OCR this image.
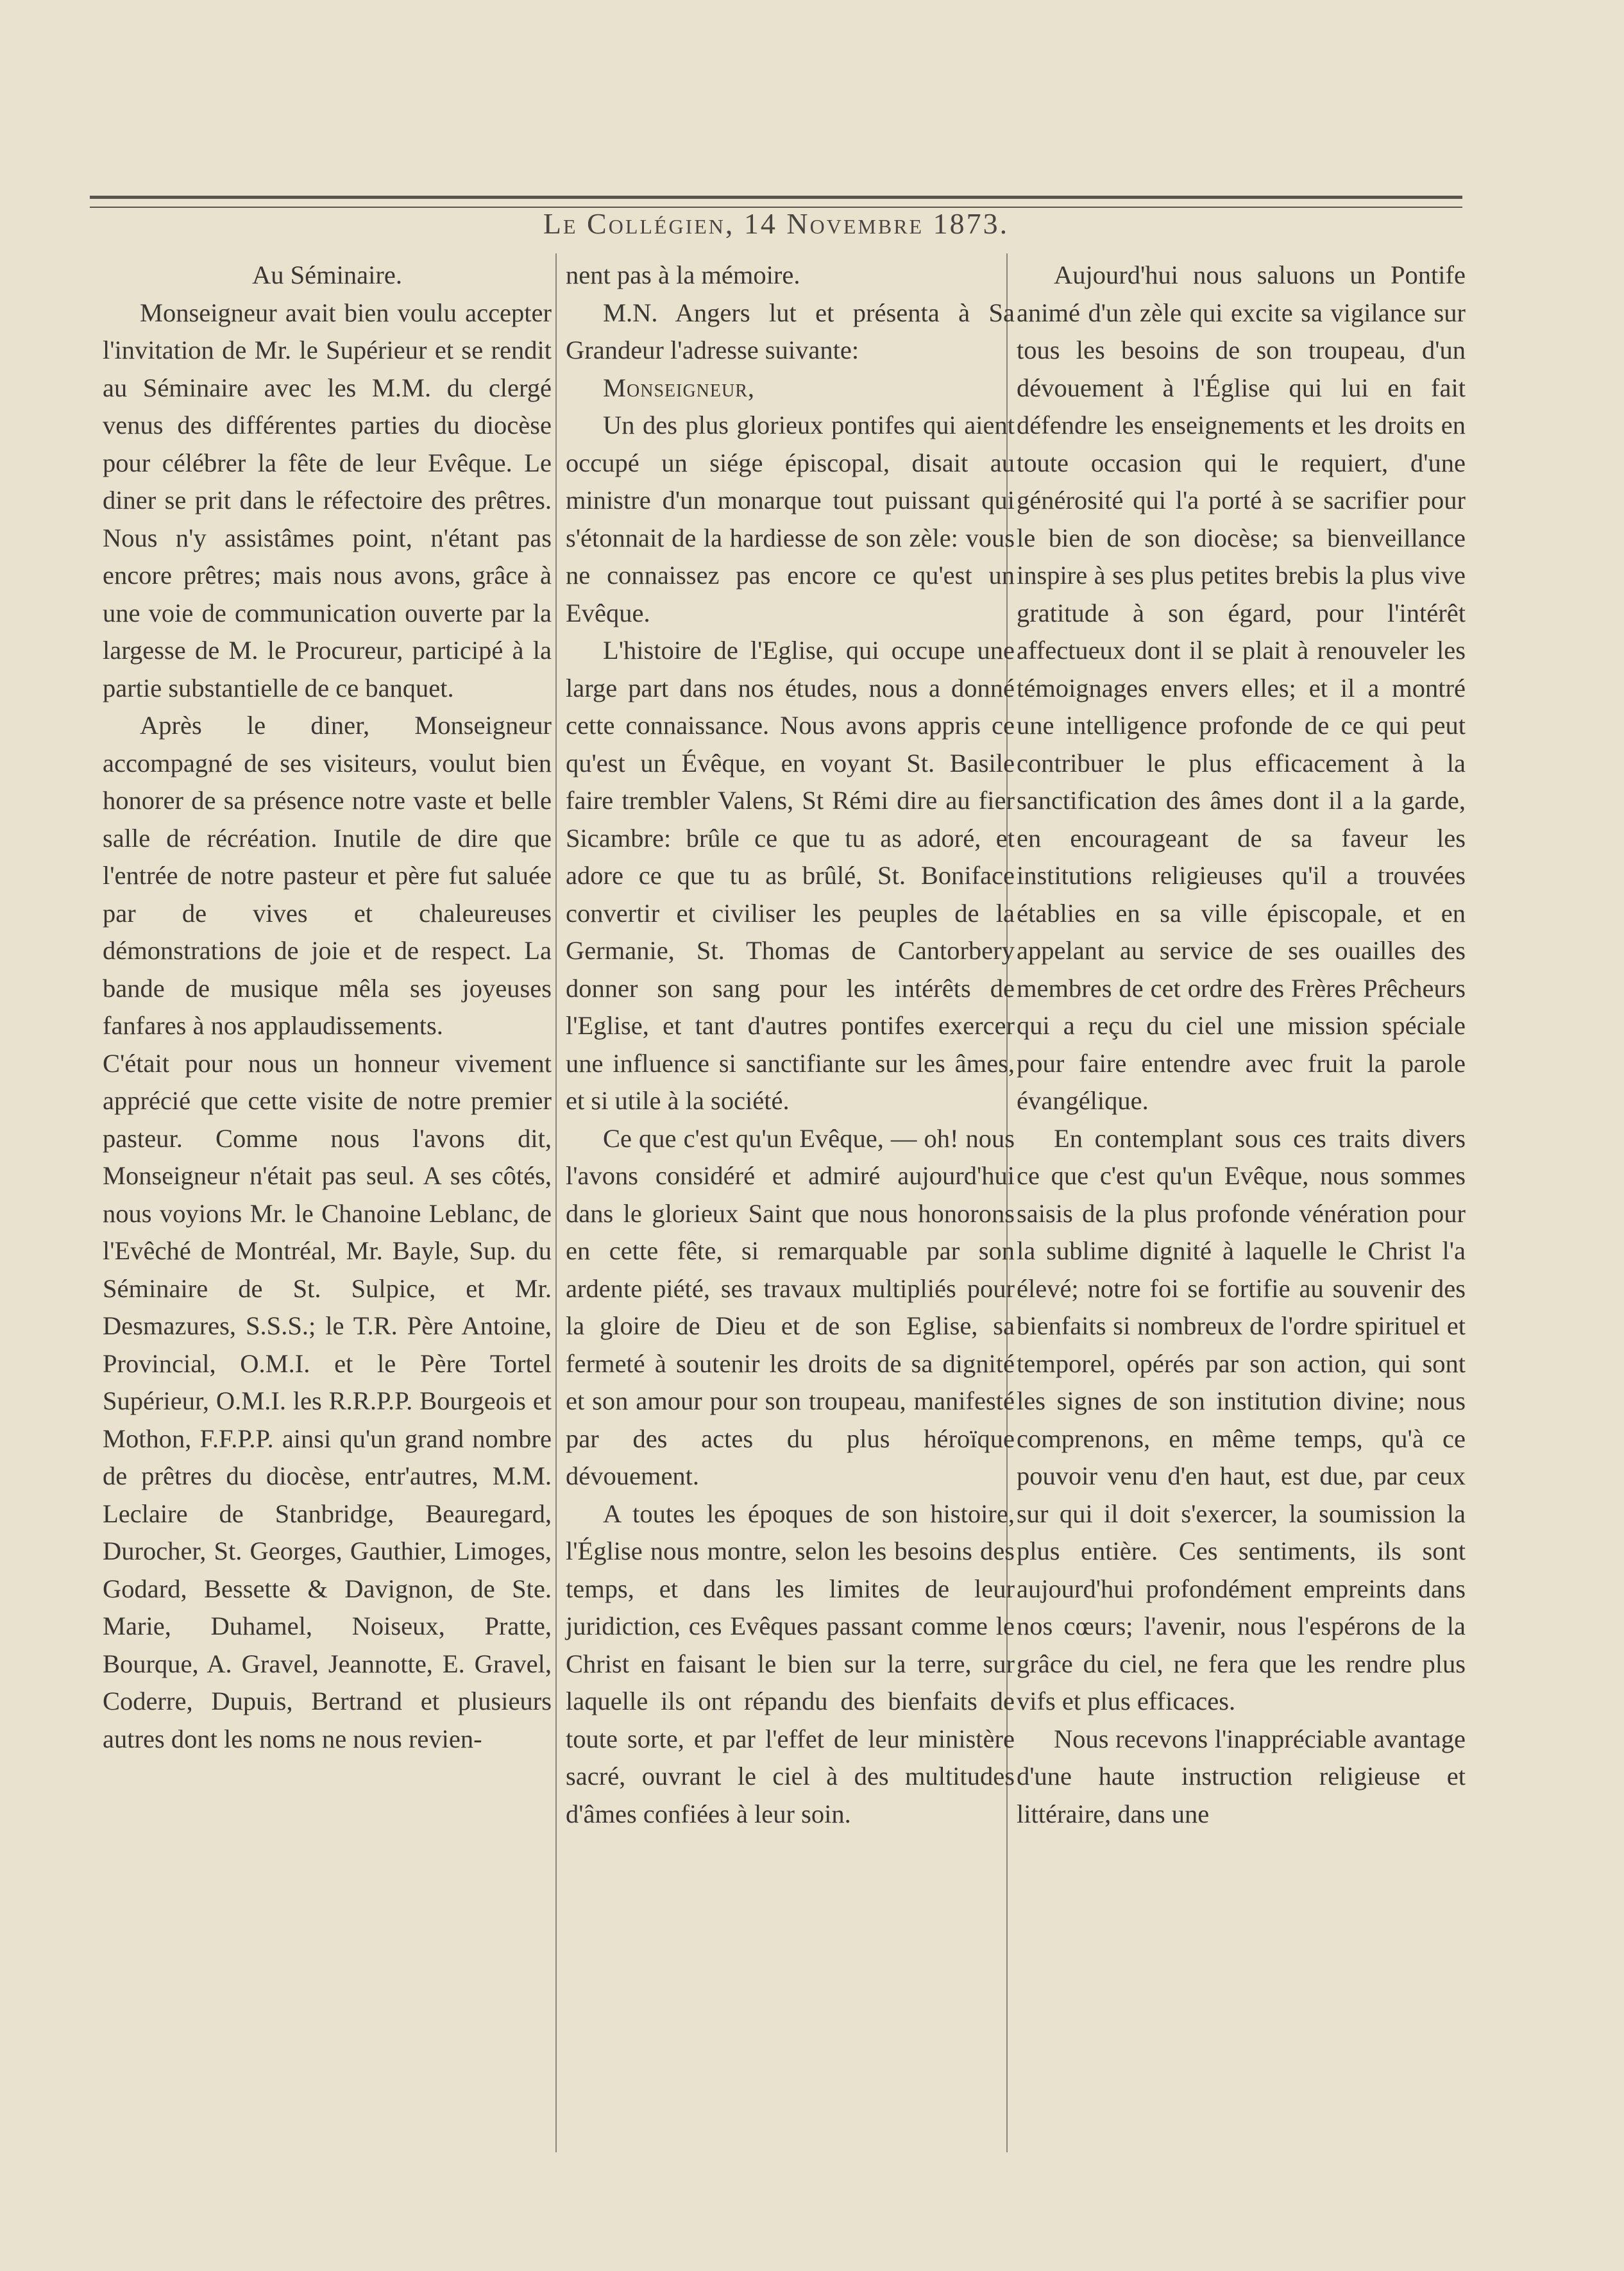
Le Collégien, 14 Novembre 1873.

Au Séminaire.

Monseigneur avait bien voulu accepter l'invitation de Mr. le Supérieur et se rendit au Séminaire avec les M.M. du clergé venus des différentes parties du diocèse pour célébrer la fête de leur Evêque. Le diner se prit dans le réfectoire des prêtres. Nous n'y assistâmes point, n'étant pas encore prêtres; mais nous avons, grâce à une voie de communication ouverte par la largesse de M. le Procureur, participé à la partie substantielle de ce banquet.

Après le diner, Monseigneur accompagné de ses visiteurs, voulut bien honorer de sa présence notre vaste et belle salle de récréation. Inutile de dire que l'entrée de notre pasteur et père fut saluée par de vives et chaleureuses démonstrations de joie et de respect. La bande de musique mêla ses joyeuses fanfares à nos applaudissements.

C'était pour nous un honneur vivement apprécié que cette visite de notre premier pasteur. Comme nous l'avons dit, Monseigneur n'était pas seul. A ses côtés, nous voyions Mr. le Chanoine Leblanc, de l'Evêché de Montréal, Mr. Bayle, Sup. du Séminaire de St. Sulpice, et Mr. Desmazures, S.S.S.; le T.R. Père Antoine, Provincial, O.M.I. et le Père Tortel Supérieur, O.M.I. les R.R.P.P. Bourgeois et Mothon, F.F.P.P. ainsi qu'un grand nombre de prêtres du diocèse, entr'autres, M.M. Leclaire de Stanbridge, Beauregard, Durocher, St. Georges, Gauthier, Limoges, Godard, Bessette & Davignon, de Ste. Marie, Duhamel, Noiseux, Pratte, Bourque, A. Gravel, Jeannotte, E. Gravel, Coderre, Dupuis, Bertrand et plusieurs autres dont les noms ne nous revien-

nent pas à la mémoire.

M.N. Angers lut et présenta à Sa Grandeur l'adresse suivante:

Monseigneur,

Un des plus glorieux pontifes qui aient occupé un siége épiscopal, disait au ministre d'un monarque tout puissant qui s'étonnait de la hardiesse de son zèle: vous ne connaissez pas encore ce qu'est un Evêque.

L'histoire de l'Eglise, qui occupe une large part dans nos études, nous a donné cette connaissance. Nous avons appris ce qu'est un Évêque, en voyant St. Basile faire trembler Valens, St Rémi dire au fier Sicambre: brûle ce que tu as adoré, et adore ce que tu as brûlé, St. Boniface convertir et civiliser les peuples de la Germanie, St. Thomas de Cantorbery donner son sang pour les intérêts de l'Eglise, et tant d'autres pontifes exercer une influence si sanctifiante sur les âmes, et si utile à la société.

Ce que c'est qu'un Evêque, — oh! nous l'avons considéré et admiré aujourd'hui dans le glorieux Saint que nous honorons en cette fête, si remarquable par son ardente piété, ses travaux multipliés pour la gloire de Dieu et de son Eglise, sa fermeté à soutenir les droits de sa dignité et son amour pour son troupeau, manifesté par des actes du plus héroïque dévouement.

A toutes les époques de son histoire, l'Église nous montre, selon les besoins des temps, et dans les limites de leur juridiction, ces Evêques passant comme le Christ en faisant le bien sur la terre, sur laquelle ils ont répandu des bienfaits de toute sorte, et par l'effet de leur ministère sacré, ouvrant le ciel à des multitudes d'âmes confiées à leur soin.

Aujourd'hui nous saluons un Pontife animé d'un zèle qui excite sa vigilance sur tous les besoins de son troupeau, d'un dévouement à l'Église qui lui en fait défendre les enseignements et les droits en toute occasion qui le requiert, d'une générosité qui l'a porté à se sacrifier pour le bien de son diocèse; sa bienveillance inspire à ses plus petites brebis la plus vive gratitude à son égard, pour l'intérêt affectueux dont il se plait à renouveler les témoignages envers elles; et il a montré une intelligence profonde de ce qui peut contribuer le plus efficacement à la sanctification des âmes dont il a la garde, en encourageant de sa faveur les institutions religieuses qu'il a trouvées établies en sa ville épiscopale, et en appelant au service de ses ouailles des membres de cet ordre des Frères Prêcheurs qui a reçu du ciel une mission spéciale pour faire entendre avec fruit la parole évangélique.

En contemplant sous ces traits divers ce que c'est qu'un Evêque, nous sommes saisis de la plus profonde vénération pour la sublime dignité à laquelle le Christ l'a élevé; notre foi se fortifie au souvenir des bienfaits si nombreux de l'ordre spirituel et temporel, opérés par son action, qui sont les signes de son institution divine; nous comprenons, en même temps, qu'à ce pouvoir venu d'en haut, est due, par ceux sur qui il doit s'exercer, la soumission la plus entière. Ces sentiments, ils sont aujourd'hui profondément empreints dans nos cœurs; l'avenir, nous l'espérons de la grâce du ciel, ne fera que les rendre plus vifs et plus efficaces.

Nous recevons l'inappréciable avantage d'une haute instruction religieuse et littéraire, dans une
